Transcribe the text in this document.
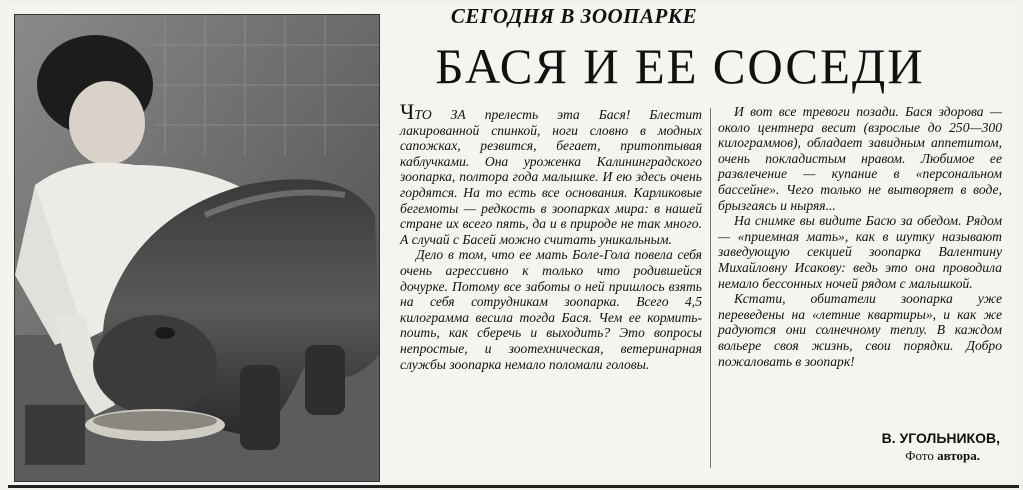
СЕГОДНЯ В ЗООПАРКЕ
БАСЯ И ЕЕ СОСЕДИ

ЧТО ЗА прелесть эта Бася! Блестит лакированной спинкой, ноги словно в модных сапожках, резвится, бегает, притоптывая каблучками. Она уроженка Калининградского зоопарка, полтора года малышке. И ею здесь очень гордятся. На то есть все основания. Карликовые бегемоты — редкость в зоопарках мира: в нашей стране их всего пять, да и в природе не так много. А случай с Басей можно считать уникальным.

Дело в том, что ее мать Боле-Гола повела себя очень агрессивно к только что родившейся дочурке. Потому все заботы о ней пришлось взять на себя сотрудникам зоопарка. Всего 4,5 килограмма весила тогда Бася. Чем ее кормить-поить, как сберечь и выходить? Это вопросы непростые, и зоотехническая, ветеринарная службы зоопарка немало поломали головы.

И вот все тревоги позади. Бася здорова — около центнера весит (взрослые до 250—300 килограммов), обладает завидным аппетитом, очень покладистым нравом. Любимое ее развлечение — купание в «персональном бассейне». Чего только не вытворяет в воде, брызгаясь и ныряя...

На снимке вы видите Басю за обедом. Рядом — «приемная мать», как в шутку называют заведующую секцией зоопарка Валентину Михайловну Исакову: ведь это она проводила немало бессонных ночей рядом с малышкой.

Кстати, обитатели зоопарка уже переведены на «летние квартиры», и как же радуются они солнечному теплу. В каждом вольере своя жизнь, свои порядки. Добро пожаловать в зоопарк!

В. УГОЛЬНИКОВ,
Фото автора.
